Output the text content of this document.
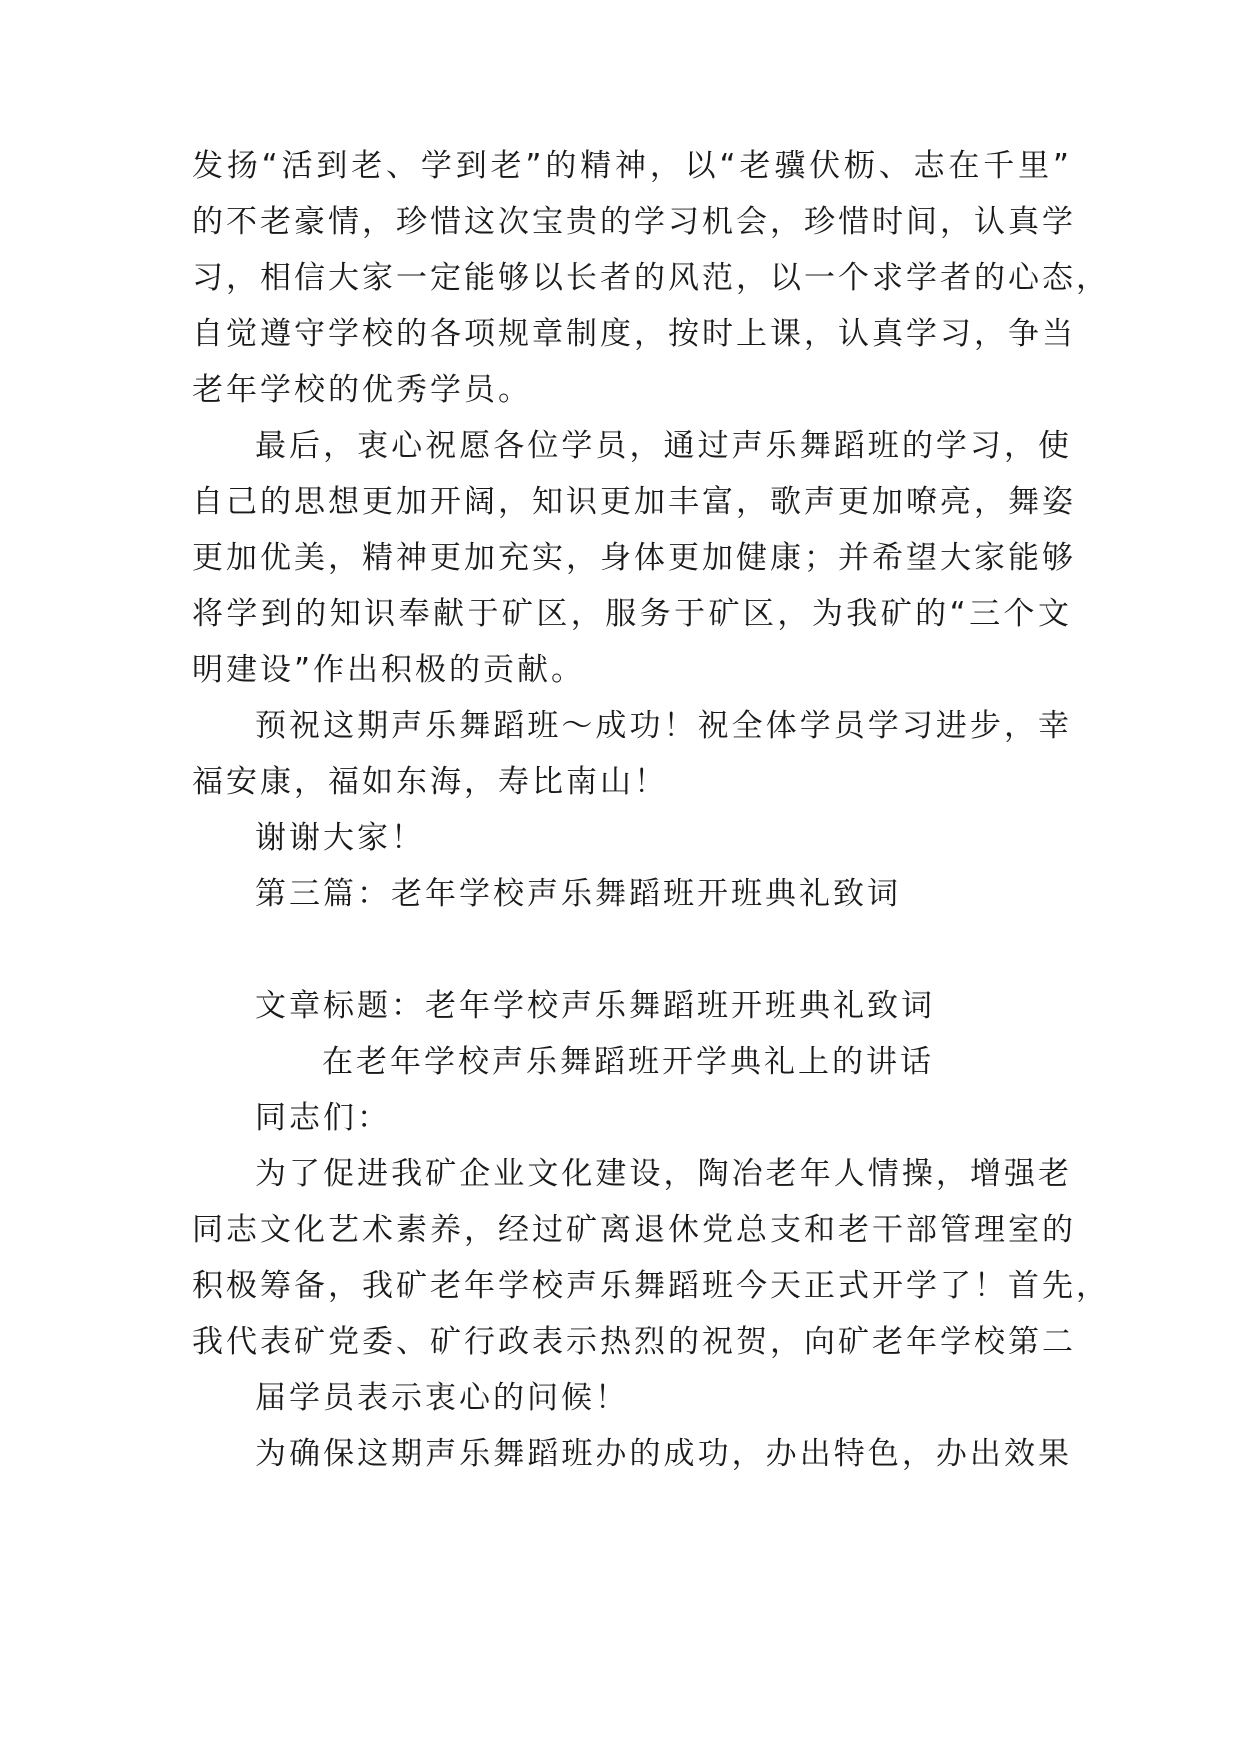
发扬“活到老、学到老”的精神，以“老骥伏枥、志在千里”
的不老豪情，珍惜这次宝贵的学习机会，珍惜时间，认真学
习，相信大家一定能够以长者的风范，以一个求学者的心态，
自觉遵守学校的各项规章制度，按时上课，认真学习，争当
老年学校的优秀学员。
最后，衷心祝愿各位学员，通过声乐舞蹈班的学习，使
自己的思想更加开阔，知识更加丰富，歌声更加嘹亮，舞姿
更加优美，精神更加充实，身体更加健康；并希望大家能够
将学到的知识奉献于矿区，服务于矿区，为我矿的“三个文
明建设”作出积极的贡献。
预祝这期声乐舞蹈班～成功！祝全体学员学习进步，幸
福安康，福如东海，寿比南山！
谢谢大家！
第三篇：老年学校声乐舞蹈班开班典礼致词
文章标题：老年学校声乐舞蹈班开班典礼致词
在老年学校声乐舞蹈班开学典礼上的讲话
同志们：
为了促进我矿企业文化建设，陶冶老年人情操，增强老
同志文化艺术素养，经过矿离退休党总支和老干部管理室的
积极筹备，我矿老年学校声乐舞蹈班今天正式开学了！首先，
我代表矿党委、矿行政表示热烈的祝贺，向矿老年学校第二
届学员表示衷心的问候！
为确保这期声乐舞蹈班办的成功，办出特色，办出效果
